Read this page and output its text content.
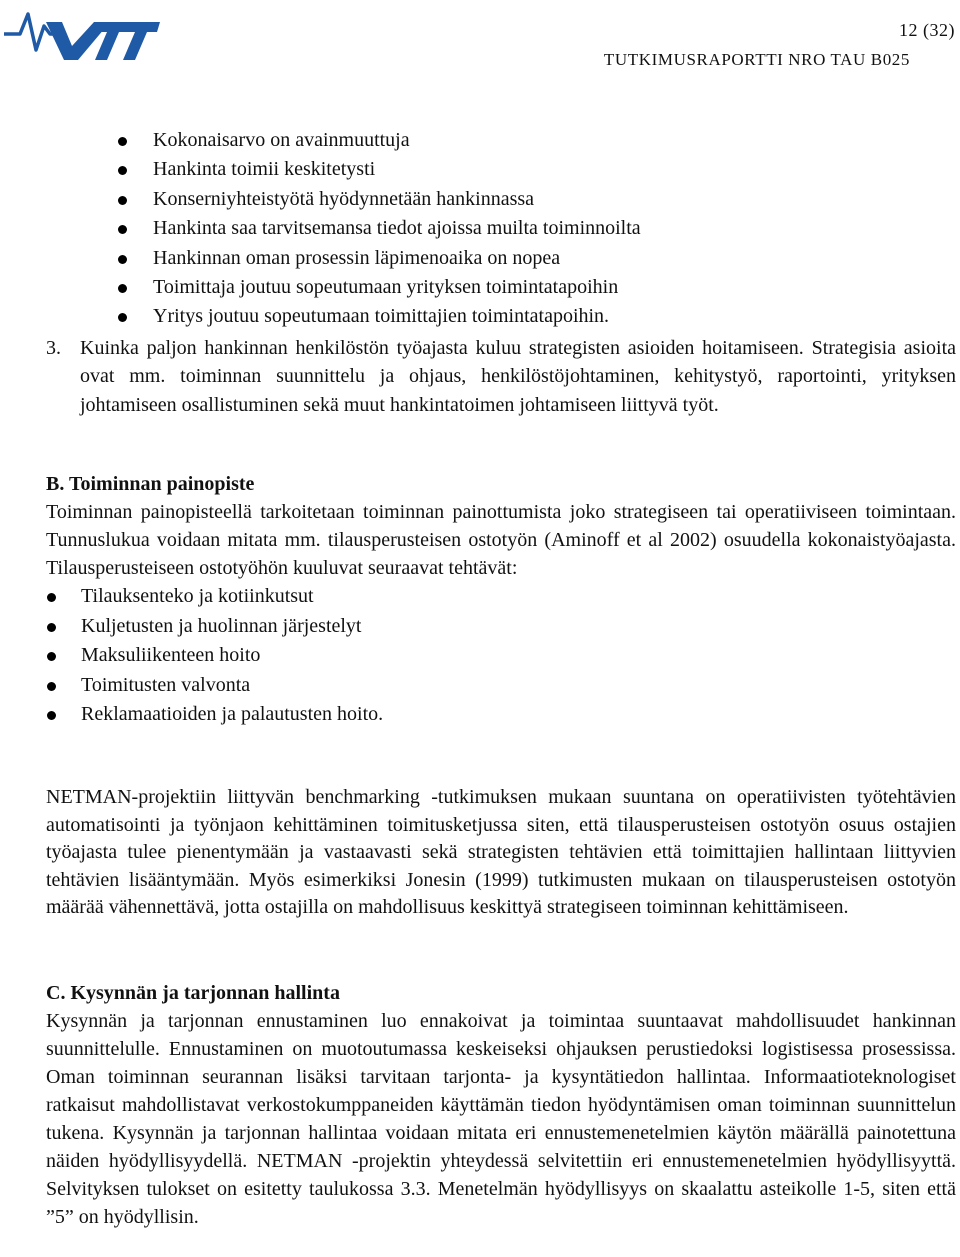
VTT
12 (32)
TUTKIMUSRAPORTTI NRO TAU B025
Kokonaisarvo on avainmuuttuja
Hankinta toimii keskitetysti
Konserniyhteistyötä hyödynnetään hankinnassa
Hankinta saa tarvitsemansa tiedot ajoissa muilta toiminnoilta
Hankinnan oman prosessin läpimenoaika on nopea
Toimittaja joutuu sopeutumaan yrityksen toimintatapoihin
Yritys joutuu sopeutumaan toimittajien toimintatapoihin.
3. Kuinka paljon hankinnan henkilöstön työajasta kuluu strategisten asioiden hoitamiseen. Strategisia asioita ovat mm. toiminnan suunnittelu ja ohjaus, henkilöstöjohtaminen, kehitystyö, raportointi, yrityksen johtamiseen osallistuminen sekä muut hankintatoimen johtamiseen liittyvä työt.
B. Toiminnan painopiste
Toiminnan painopisteellä tarkoitetaan toiminnan painottumista joko strategiseen tai operatiiviseen toimintaan. Tunnuslukua voidaan mitata mm. tilausperusteisen ostotyön (Aminoff et al 2002) osuudella kokonaistyöajasta. Tilausperusteiseen ostotyöhön kuuluvat seuraavat tehtävät:
Tilauksenteko ja kotiinkutsut
Kuljetusten ja huolinnan järjestelyt
Maksuliikenteen hoito
Toimitusten valvonta
Reklamaatioiden ja palautusten hoito.
NETMAN-projektiin liittyvän benchmarking -tutkimuksen mukaan suuntana on operatiivisten työtehtävien automatisointi ja työnjaon kehittäminen toimitusketjussa siten, että tilausperusteisen ostotyön osuus ostajien työajasta tulee pienentymään ja vastaavasti sekä strategisten tehtävien että toimittajien hallintaan liittyvien tehtävien lisääntymään. Myös esimerkiksi Jonesin (1999) tutkimusten mukaan on tilausperusteisen ostotyön määrää vähennettävä, jotta ostajilla on mahdollisuus keskittyä strategiseen toiminnan kehittämiseen.
C. Kysynnän ja tarjonnan hallinta
Kysynnän ja tarjonnan ennustaminen luo ennakoivat ja toimintaa suuntaavat mahdollisuudet hankinnan suunnittelulle. Ennustaminen on muotoutumassa keskeiseksi ohjauksen perustiedoksi logistisessa prosessissa. Oman toiminnan seurannan lisäksi tarvitaan tarjonta- ja kysyntätiedon hallintaa. Informaatioteknologiset ratkaisut mahdollistavat verkostokumppaneiden käyttämän tiedon hyödyntämisen oman toiminnan suunnittelun tukena. Kysynnän ja tarjonnan hallintaa voidaan mitata eri ennustemenetelmien käytön määrällä painotettuna näiden hyödyllisyydellä. NETMAN -projektin yhteydessä selvitettiin eri ennustemenetelmien hyödyllisyyttä. Selvityksen tulokset on esitetty taulukossa 3.3. Menetelmän hyödyllisyys on skaalattu asteikolle 1-5, siten että ”5” on hyödyllisin.
